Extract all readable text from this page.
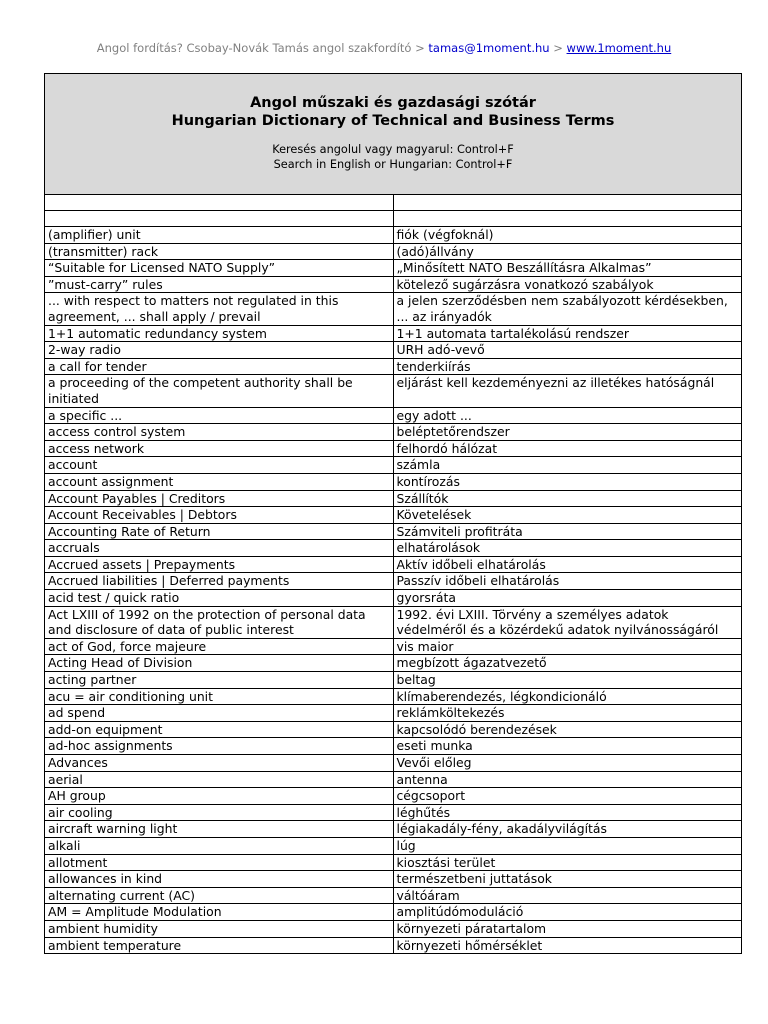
Angol fordítás? Csobay-Novák Tamás angol szakfordító > tamas@1moment.hu > www.1moment.hu
Angol műszaki és gazdasági szótár
Hungarian Dictionary of Technical and Business Terms
Keresés angolul vagy magyarul: Control+F
Search in English or Hungarian: Control+F	

(amplifier) unit	fiók (végfoknál)
(transmitter) rack	(adó)állvány
“Suitable for Licensed NATO Supply”	„Minősített NATO Beszállításra Alkalmas”
”must-carry” rules	kötelező sugárzásra vonatkozó szabályok
... with respect to matters not regulated in this agreement, ... shall apply / prevail	a jelen szerződésben nem szabályozott kérdésekben, ... az irányadók
1+1 automatic redundancy system	1+1 automata tartalékolású rendszer
2-way radio	URH adó-vevő
a call for tender	tenderkiírás
a proceeding of the competent authority shall be initiated	eljárást kell kezdeményezni az illetékes hatóságnál
a specific ...	egy adott ...
access control system	beléptetőrendszer
access network	felhordó hálózat
account	számla
account assignment	kontírozás
Account Payables | Creditors	Szállítók
Account Receivables | Debtors	Követelések
Accounting Rate of Return	Számviteli profitráta
accruals	elhatárolások
Accrued assets | Prepayments	Aktív időbeli elhatárolás
Accrued liabilities | Deferred payments	Passzív időbeli elhatárolás
acid test / quick ratio	gyorsráta
Act LXIII of 1992 on the protection of personal data and disclosure of data of public interest	1992. évi LXIII. Törvény a személyes adatok védelméről és a közérdekű adatok nyilvánosságáról
act of God, force majeure	vis maior
Acting Head of Division	megbízott ágazatvezető
acting partner	beltag
acu = air conditioning unit	klímaberendezés, légkondicionáló
ad spend	reklámköltekezés
add-on equipment	kapcsolódó berendezések
ad-hoc assignments	eseti munka
Advances	Vevői előleg
aerial	antenna
AH group	cégcsoport
air cooling	léghűtés
aircraft warning light	légiakadály-fény, akadályvilágítás
alkali	lúg
allotment	kiosztási terület
allowances in kind	természetbeni juttatások
alternating current (AC)	váltóáram
AM = Amplitude Modulation	amplitúdómoduláció
ambient humidity	környezeti páratartalom
ambient temperature	környezeti hőmérséklet
